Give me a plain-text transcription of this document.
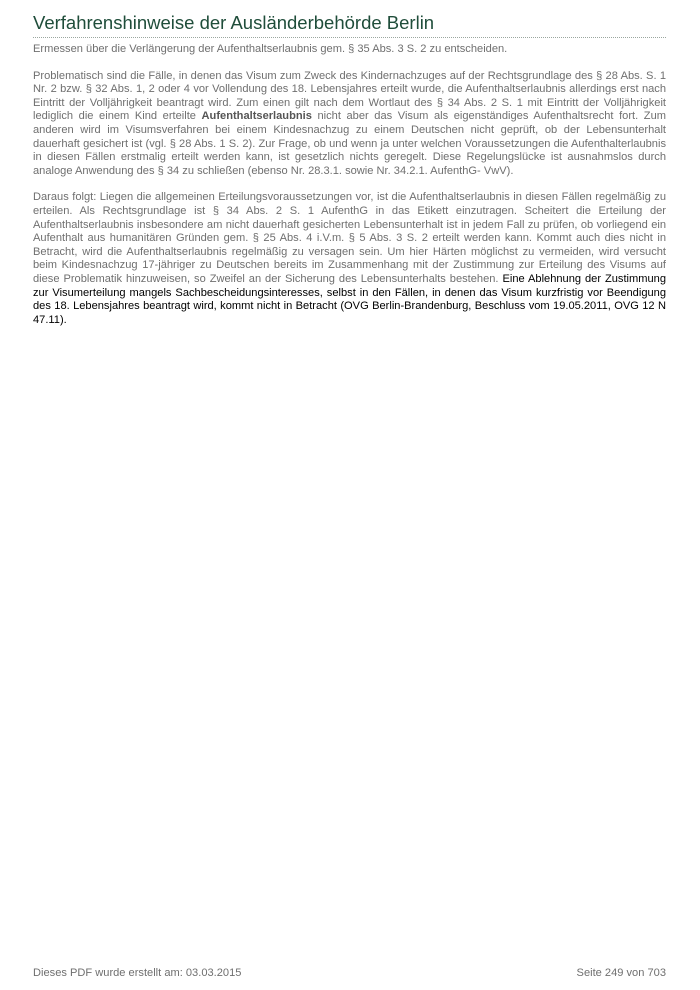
Verfahrenshinweise der Ausländerbehörde Berlin

Ermessen über die Verlängerung der Aufenthaltserlaubnis gem. § 35 Abs. 3 S. 2 zu entscheiden.

Problematisch sind die Fälle, in denen das Visum zum Zweck des Kindernachzuges auf der Rechtsgrundlage des § 28 Abs. S. 1 Nr. 2 bzw. § 32 Abs. 1, 2 oder 4 vor Vollendung des 18. Lebensjahres erteilt wurde, die Aufenthaltserlaubnis allerdings erst nach Eintritt der Volljährigkeit beantragt wird. Zum einen gilt nach dem Wortlaut des § 34 Abs. 2 S. 1 mit Eintritt der Volljährigkeit lediglich die einem Kind erteilte Aufenthaltserlaubnis nicht aber das Visum als eigenständiges Aufenthaltsrecht fort. Zum anderen wird im Visumsverfahren bei einem Kindesnachzug zu einem Deutschen nicht geprüft, ob der Lebensunterhalt dauerhaft gesichert ist (vgl. § 28 Abs. 1 S. 2). Zur Frage, ob und wenn ja unter welchen Voraussetzungen die Aufenthalterlaubnis in diesen Fällen erstmalig erteilt werden kann, ist gesetzlich nichts geregelt. Diese Regelungslücke ist ausnahmslos durch analoge Anwendung des § 34 zu schließen (ebenso Nr. 28.3.1. sowie Nr. 34.2.1. AufenthG- VwV).

Daraus folgt: Liegen die allgemeinen Erteilungsvoraussetzungen vor, ist die Aufenthaltserlaubnis in diesen Fällen regelmäßig zu erteilen. Als Rechtsgrundlage ist § 34 Abs. 2 S. 1 AufenthG in das Etikett einzutragen. Scheitert die Erteilung der Aufenthaltserlaubnis insbesondere am nicht dauerhaft gesicherten Lebensunterhalt ist in jedem Fall zu prüfen, ob vorliegend ein Aufenthalt aus humanitären Gründen gem. § 25 Abs. 4 i.V.m. § 5 Abs. 3 S. 2 erteilt werden kann. Kommt auch dies nicht in Betracht, wird die Aufenthaltserlaubnis regelmäßig zu versagen sein. Um hier Härten möglichst zu vermeiden, wird versucht beim Kindesnachzug 17-jähriger zu Deutschen bereits im Zusammenhang mit der Zustimmung zur Erteilung des Visums auf diese Problematik hinzuweisen, so Zweifel an der Sicherung des Lebensunterhalts bestehen. Eine Ablehnung der Zustimmung zur Visumerteilung mangels Sachbescheidungsinteresses, selbst in den Fällen, in denen das Visum kurzfristig vor Beendigung des 18. Lebensjahres beantragt wird, kommt nicht in Betracht (OVG Berlin-Brandenburg, Beschluss vom 19.05.2011, OVG 12 N 47.11).

Dieses PDF wurde erstellt am: 03.03.2015	Seite 249 von 703
